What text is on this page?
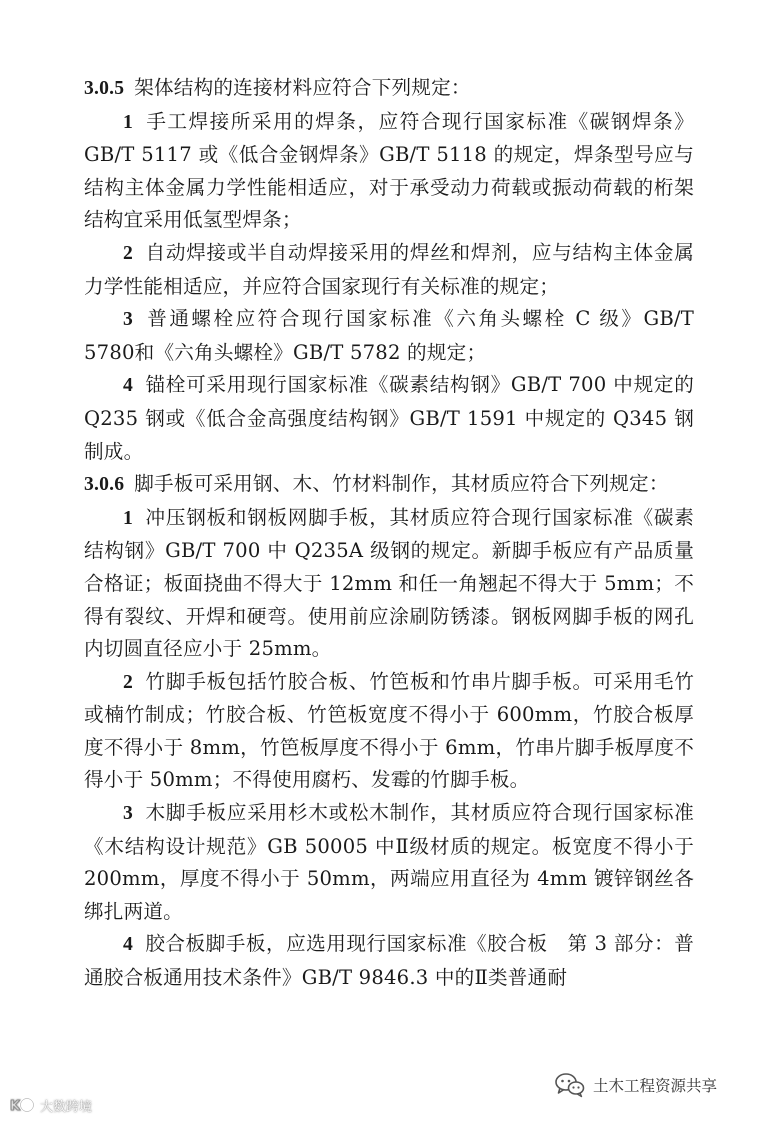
3.0.5 架体结构的连接材料应符合下列规定：
1 手工焊接所采用的焊条，应符合现行国家标准《碳钢焊条》GB/T 5117 或《低合金钢焊条》GB/T 5118 的规定，焊条型号应与结构主体金属力学性能相适应，对于承受动力荷载或振动荷载的桁架结构宜采用低氢型焊条；
2 自动焊接或半自动焊接采用的焊丝和焊剂，应与结构主体金属力学性能相适应，并应符合国家现行有关标准的规定；
3 普通螺栓应符合现行国家标准《六角头螺栓 C 级》GB/T 5780和《六角头螺栓》GB/T 5782 的规定；
4 锚栓可采用现行国家标准《碳素结构钢》GB/T 700 中规定的 Q235 钢或《低合金高强度结构钢》GB/T 1591 中规定的 Q345 钢制成。
3.0.6 脚手板可采用钢、木、竹材料制作，其材质应符合下列规定：
1 冲压钢板和钢板网脚手板，其材质应符合现行国家标准《碳素结构钢》GB/T 700 中 Q235A 级钢的规定。新脚手板应有产品质量合格证；板面挠曲不得大于 12mm 和任一角翘起不得大于 5mm；不得有裂纹、开焊和硬弯。使用前应涂刷防锈漆。钢板网脚手板的网孔内切圆直径应小于 25mm。
2 竹脚手板包括竹胶合板、竹笆板和竹串片脚手板。可采用毛竹或楠竹制成；竹胶合板、竹笆板宽度不得小于 600mm，竹胶合板厚度不得小于 8mm，竹笆板厚度不得小于 6mm，竹串片脚手板厚度不得小于 50mm；不得使用腐朽、发霉的竹脚手板。
3 木脚手板应采用杉木或松木制作，其材质应符合现行国家标准《木结构设计规范》GB 50005 中Ⅱ级材质的规定。板宽度不得小于 200mm，厚度不得小于 50mm，两端应用直径为 4mm 镀锌钢丝各绑扎两道。
4 胶合板脚手板，应选用现行国家标准《胶合板　第 3 部分：普通胶合板通用技术条件》GB/T 9846.3 中的Ⅱ类普通耐
K 大数跨境
土木工程资源共享
